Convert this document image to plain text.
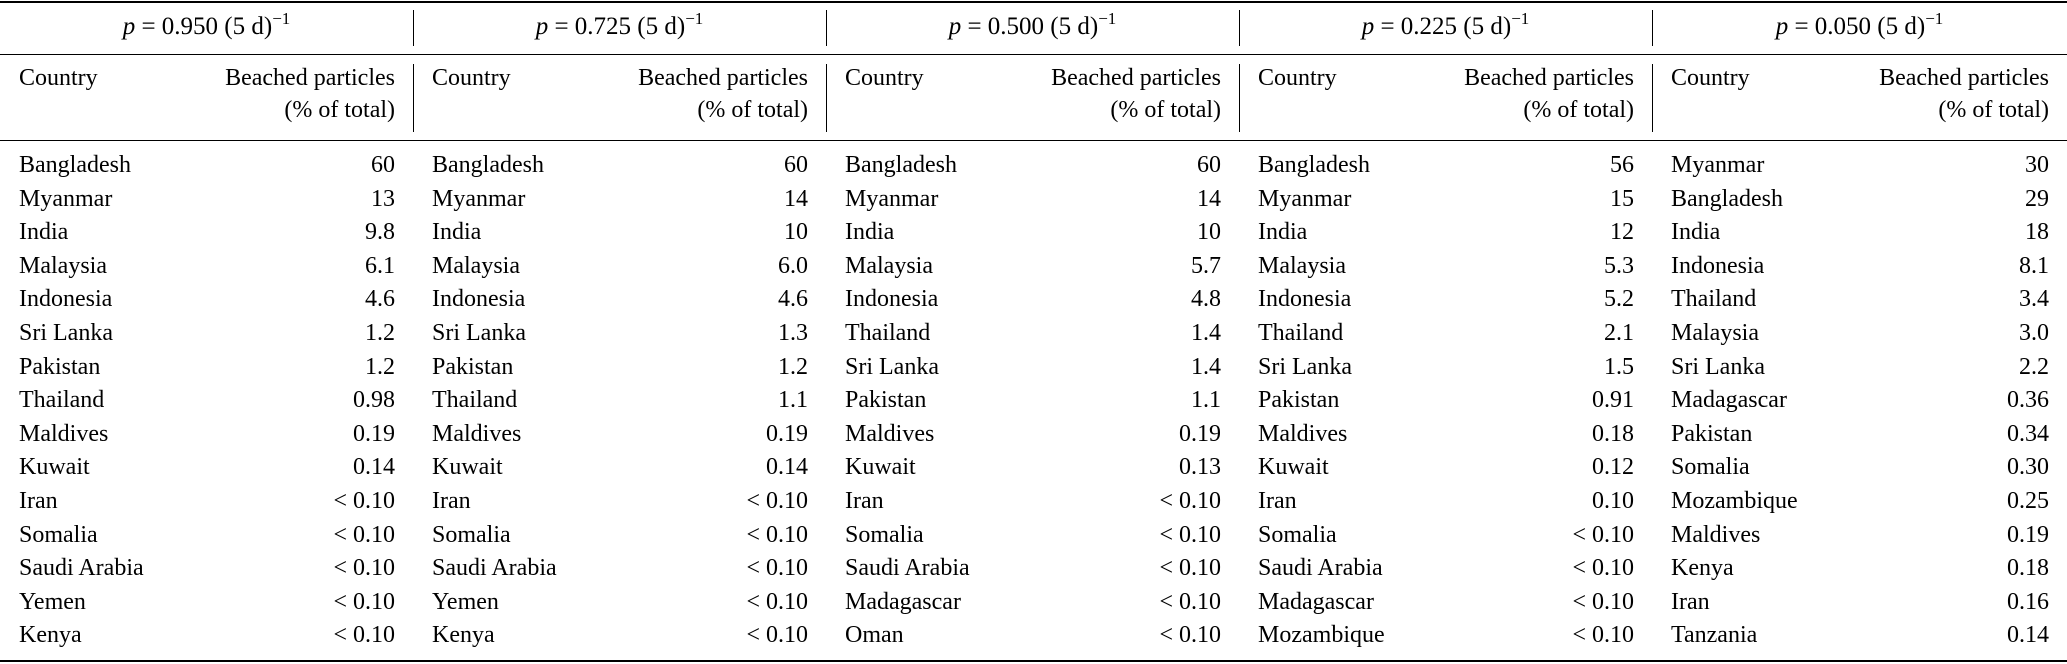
p = 0.950 (5 d)$^{-1}$
Country	Beached particles
(% of total)
Bangladesh	60
Myanmar	13
India	9.8
Malaysia	6.1
Indonesia	4.6
Sri Lanka	1.2
Pakistan	1.2
Thailand	0.98
Maldives	0.19
Kuwait	0.14
Iran	< 0.10
Somalia	< 0.10
Saudi Arabia	< 0.10
Yemen	< 0.10
Kenya	< 0.10
p = 0.725 (5 d)$^{-1}$
Country	Beached particles
(% of total)
Bangladesh	60
Myanmar	14
India	10
Malaysia	6.0
Indonesia	4.6
Sri Lanka	1.3
Pakistan	1.2
Thailand	1.1
Maldives	0.19
Kuwait	0.14
Iran	< 0.10
Somalia	< 0.10
Saudi Arabia	< 0.10
Yemen	< 0.10
Kenya	< 0.10
p = 0.500 (5 d)$^{-1}$
Country	Beached particles
(% of total)
Bangladesh	60
Myanmar	14
India	10
Malaysia	5.7
Indonesia	4.8
Thailand	1.4
Sri Lanka	1.4
Pakistan	1.1
Maldives	0.19
Kuwait	0.13
Iran	< 0.10
Somalia	< 0.10
Saudi Arabia	< 0.10
Madagascar	< 0.10
Oman	< 0.10
p = 0.225 (5 d)$^{-1}$
Country	Beached particles
(% of total)
Bangladesh	56
Myanmar	15
India	12
Malaysia	5.3
Indonesia	5.2
Thailand	2.1
Sri Lanka	1.5
Pakistan	0.91
Maldives	0.18
Kuwait	0.12
Iran	0.10
Somalia	< 0.10
Saudi Arabia	< 0.10
Madagascar	< 0.10
Mozambique	< 0.10
p = 0.050 (5 d)$^{-1}$
Country	Beached particles
(% of total)
Myanmar	30
Bangladesh	29
India	18
Indonesia	8.1
Thailand	3.4
Malaysia	3.0
Sri Lanka	2.2
Madagascar	0.36
Pakistan	0.34
Somalia	0.30
Mozambique	0.25
Maldives	0.19
Kenya	0.18
Iran	0.16
Tanzania	0.14
